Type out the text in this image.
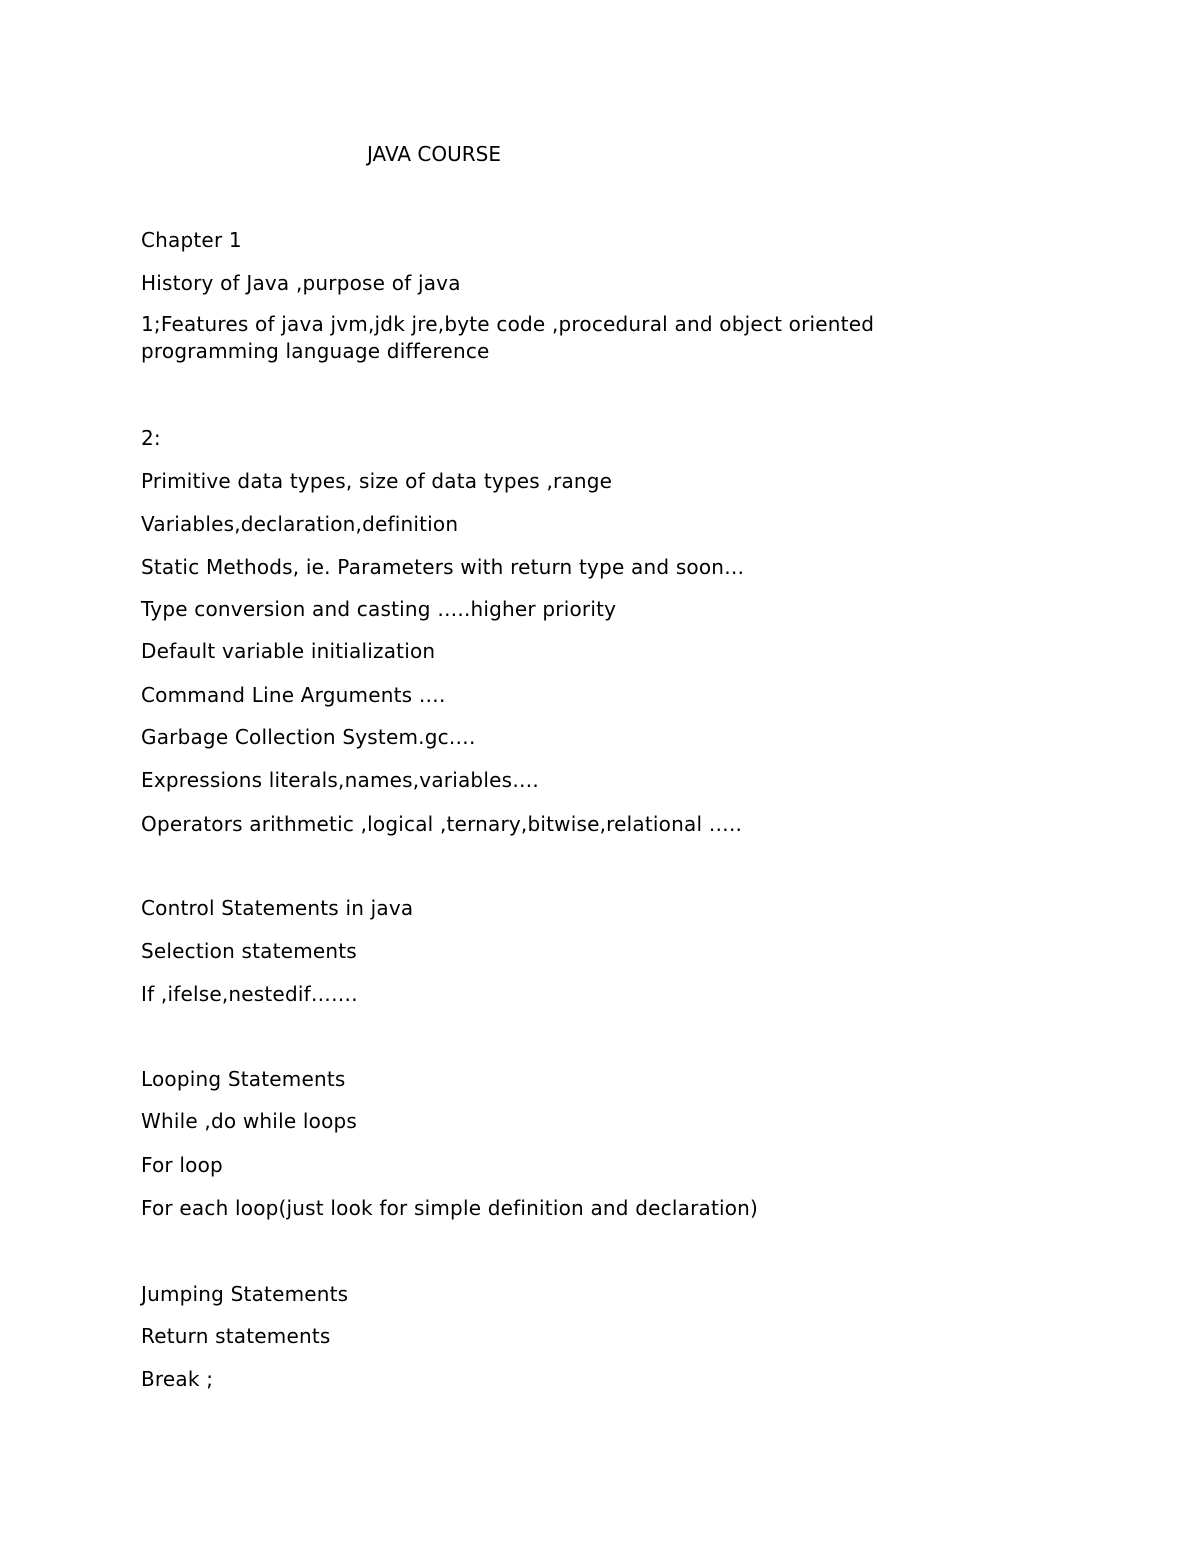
JAVA COURSE
Chapter 1
History of Java ,purpose of java
1;Features of java jvm,jdk jre,byte code ,procedural and object oriented programming language difference
2:
Primitive data types, size of data types ,range
Variables,declaration,definition
Static Methods, ie. Parameters with return type and soon…
Type conversion and casting …..higher priority
Default variable initialization
Command Line Arguments ….
Garbage Collection System.gc….
Expressions literals,names,variables….
Operators arithmetic ,logical ,ternary,bitwise,relational …..
Control Statements in java
Selection statements
If ,ifelse,nestedif…….
Looping Statements
While ,do while loops
For loop
For each loop(just look for simple definition and declaration)
Jumping Statements
Return statements
Break ;
